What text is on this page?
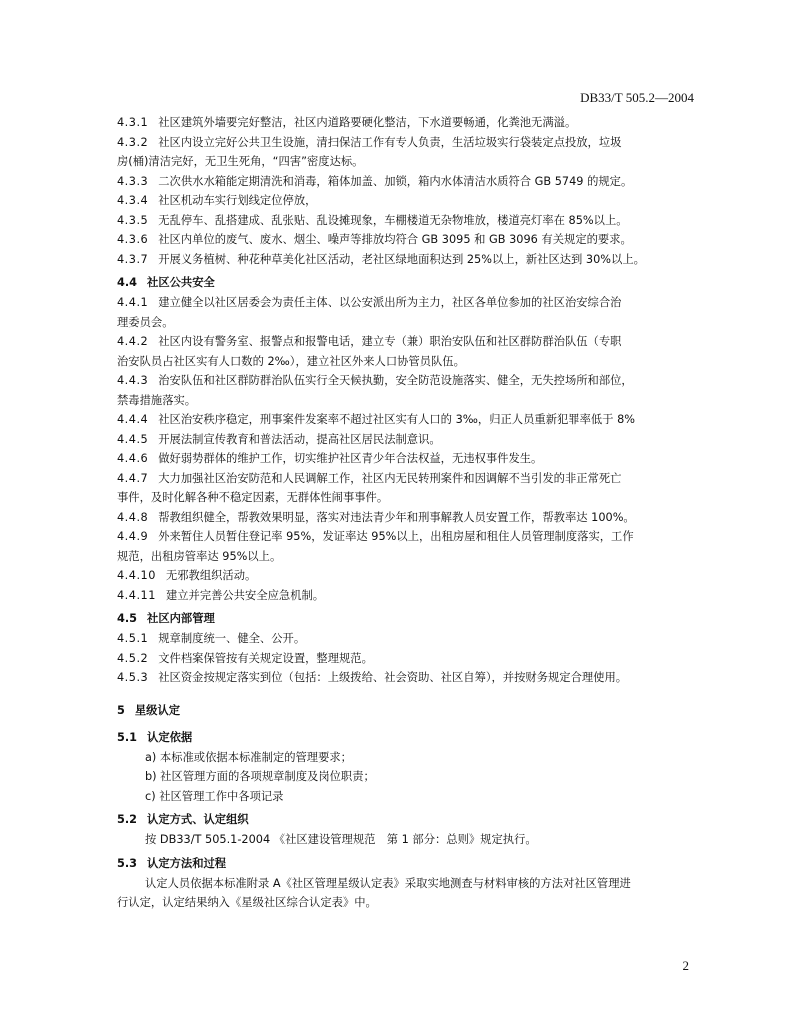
DB33/T 505.2—2004
4.3.1 社区建筑外墙要完好整洁，社区内道路要硬化整洁，下水道要畅通，化粪池无满溢。
4.3.2 社区内设立完好公共卫生设施，清扫保洁工作有专人负责，生活垃圾实行袋装定点投放，垃圾
房(桶)清洁完好，无卫生死角，“四害”密度达标。
4.3.3 二次供水水箱能定期清洗和消毒，箱体加盖、加锁，箱内水体清洁水质符合 GB 5749 的规定。
4.3.4 社区机动车实行划线定位停放，
4.3.5 无乱停车、乱搭建成、乱张贴、乱设摊现象，车棚楼道无杂物堆放，楼道亮灯率在 85%以上。
4.3.6 社区内单位的废气、废水、烟尘、噪声等排放均符合 GB 3095 和 GB 3096 有关规定的要求。
4.3.7 开展义务植树、种花种草美化社区活动，老社区绿地面积达到 25%以上，新社区达到 30%以上。
4.4 社区公共安全
4.4.1 建立健全以社区居委会为责任主体、以公安派出所为主力，社区各单位参加的社区治安综合治
理委员会。
4.4.2 社区内设有警务室、报警点和报警电话，建立专（兼）职治安队伍和社区群防群治队伍（专职
治安队员占社区实有人口数的 2‰），建立社区外来人口协管员队伍。
4.4.3 治安队伍和社区群防群治队伍实行全天候执勤，安全防范设施落实、健全，无失控场所和部位，
禁毒措施落实。
4.4.4 社区治安秩序稳定，刑事案件发案率不超过社区实有人口的 3‰，归正人员重新犯罪率低于 8%
4.4.5 开展法制宣传教育和普法活动，提高社区居民法制意识。
4.4.6 做好弱势群体的维护工作，切实维护社区青少年合法权益，无违权事件发生。
4.4.7 大力加强社区治安防范和人民调解工作，社区内无民转刑案件和因调解不当引发的非正常死亡
事件，及时化解各种不稳定因素，无群体性闹事事件。
4.4.8 帮教组织健全，帮教效果明显，落实对违法青少年和刑事解教人员安置工作，帮教率达 100%。
4.4.9 外来暂住人员暂住登记率 95%，发证率达 95%以上，出租房屋和租住人员管理制度落实，工作
规范，出租房管率达 95%以上。
4.4.10 无邪教组织活动。
4.4.11 建立并完善公共安全应急机制。
4.5 社区内部管理
4.5.1 规章制度统一、健全、公开。
4.5.2 文件档案保管按有关规定设置，整理规范。
4.5.3 社区资金按规定落实到位（包括：上级拨给、社会资助、社区自筹），并按财务规定合理使用。
5 星级认定
5.1 认定依据
a) 本标准或依据本标准制定的管理要求；
b) 社区管理方面的各项规章制度及岗位职责；
c) 社区管理工作中各项记录
5.2 认定方式、认定组织
按 DB33/T 505.1-2004 《社区建设管理规范　第 1 部分：总则》规定执行。
5.3 认定方法和过程
认定人员依据本标准附录 A《社区管理星级认定表》采取实地测查与材料审核的方法对社区管理进
行认定，认定结果纳入《星级社区综合认定表》中。
2
